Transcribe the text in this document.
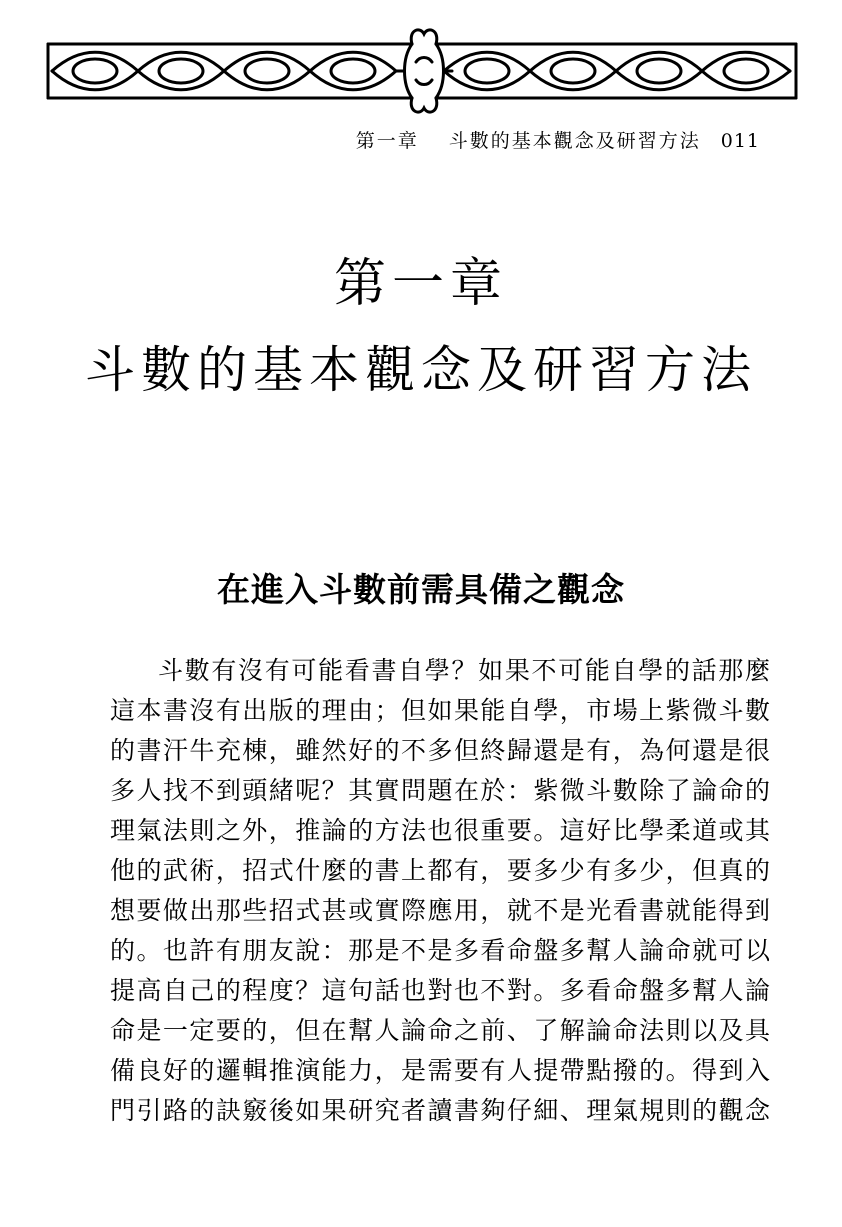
第一章 斗數的基本觀念及研習方法 011
第一章
斗數的基本觀念及研習方法
在進入斗數前需具備之觀念
斗數有沒有可能看書自學？如果不可能自學的話那麼
這本書沒有出版的理由；但如果能自學，市場上紫微斗數
的書汗牛充棟，雖然好的不多但終歸還是有，為何還是很
多人找不到頭緒呢？其實問題在於：紫微斗數除了論命的
理氣法則之外，推論的方法也很重要。這好比學柔道或其
他的武術，招式什麼的書上都有，要多少有多少，但真的
想要做出那些招式甚或實際應用，就不是光看書就能得到
的。也許有朋友說：那是不是多看命盤多幫人論命就可以
提高自己的程度？這句話也對也不對。多看命盤多幫人論
命是一定要的，但在幫人論命之前、了解論命法則以及具
備良好的邏輯推演能力，是需要有人提帶點撥的。得到入
門引路的訣竅後如果研究者讀書夠仔細、理氣規則的觀念
